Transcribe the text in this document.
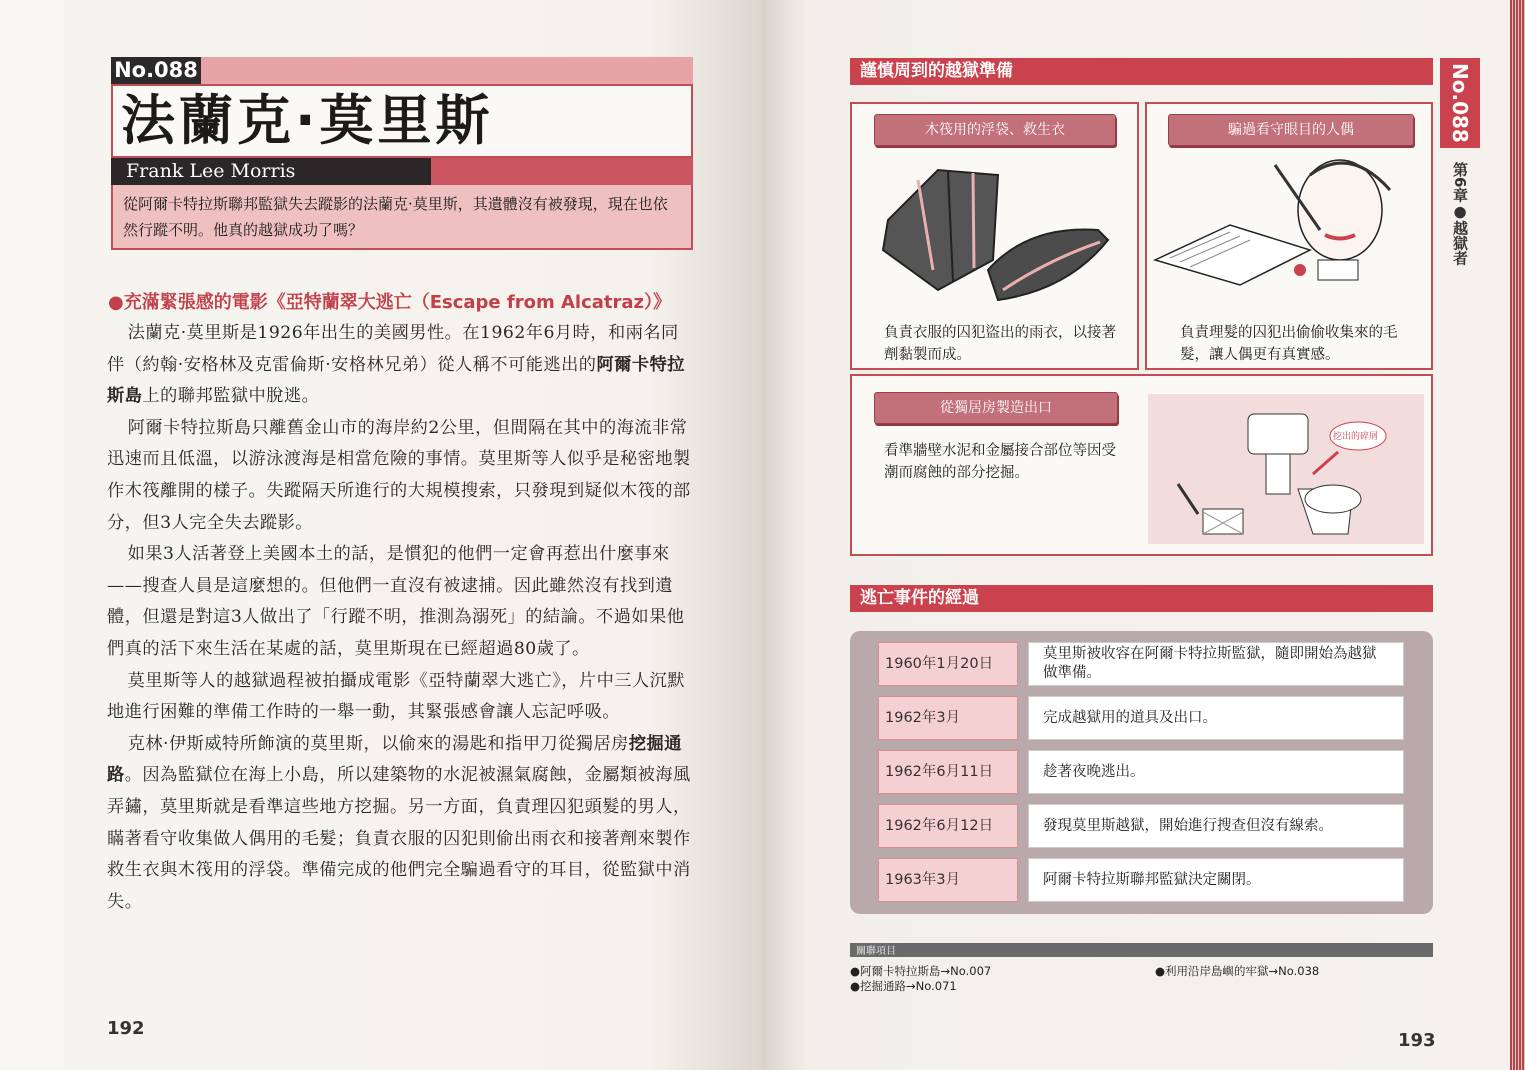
No.088
法蘭克·莫里斯
Frank Lee Morris
從阿爾卡特拉斯聯邦監獄失去蹤影的法蘭克·莫里斯，其遺體沒有被發現，現在也依然行蹤不明。他真的越獄成功了嗎？
●充滿緊張感的電影《亞特蘭翠大逃亡（Escape from Alcatraz）》

法蘭克·莫里斯是1926年出生的美國男性。在1962年6月時，和兩名同伴（約翰·安格林及克雷倫斯·安格林兄弟）從人稱不可能逃出的阿爾卡特拉斯島上的聯邦監獄中脫逃。

阿爾卡特拉斯島只離舊金山市的海岸約2公里，但間隔在其中的海流非常迅速而且低溫，以游泳渡海是相當危險的事情。莫里斯等人似乎是秘密地製作木筏離開的樣子。失蹤隔天所進行的大規模搜索，只發現到疑似木筏的部分，但3人完全失去蹤影。

如果3人活著登上美國本土的話，是慣犯的他們一定會再惹出什麼事來——搜查人員是這麼想的。但他們一直沒有被逮捕。因此雖然沒有找到遺體，但還是對這3人做出了「行蹤不明，推測為溺死」的結論。不過如果他們真的活下來生活在某處的話，莫里斯現在已經超過80歲了。

莫里斯等人的越獄過程被拍攝成電影《亞特蘭翠大逃亡》，片中三人沉默地進行困難的準備工作時的一舉一動，其緊張感會讓人忘記呼吸。

克林·伊斯威特所飾演的莫里斯，以偷來的湯匙和指甲刀從獨居房挖掘通路。因為監獄位在海上小島，所以建築物的水泥被濕氣腐蝕，金屬類被海風弄鏽，莫里斯就是看準這些地方挖掘。另一方面，負責理囚犯頭髮的男人，瞞著看守收集做人偶用的毛髮；負責衣服的囚犯則偷出雨衣和接著劑來製作救生衣與木筏用的浮袋。準備完成的他們完全騙過看守的耳目，從監獄中消失。

192
謹慎周到的越獄準備
木筏用的浮袋、救生衣
負責衣服的囚犯盜出的雨衣，以接著劑黏製而成。
騙過看守眼目的人偶
負責理髮的囚犯出偷偷收集來的毛髮，讓人偶更有真實感。
從獨居房製造出口
看準牆壁水泥和金屬接合部位等因受潮而腐蝕的部分挖掘。
挖出的碎屑
逃亡事件的經過
1960年1月20日
莫里斯被收容在阿爾卡特拉斯監獄，隨即開始為越獄做準備。
1962年3月	完成越獄用的道具及出口。
1962年6月11日	趁著夜晚逃出。
1962年6月12日	發現莫里斯越獄，開始進行搜查但沒有線索。
1963年3月	阿爾卡特拉斯聯邦監獄決定關閉。
關聯項目
●阿爾卡特拉斯島→No.007
●挖掘通路→No.071
●利用沿岸島嶼的牢獄→No.038
No.088
第6章●越獄者
193
